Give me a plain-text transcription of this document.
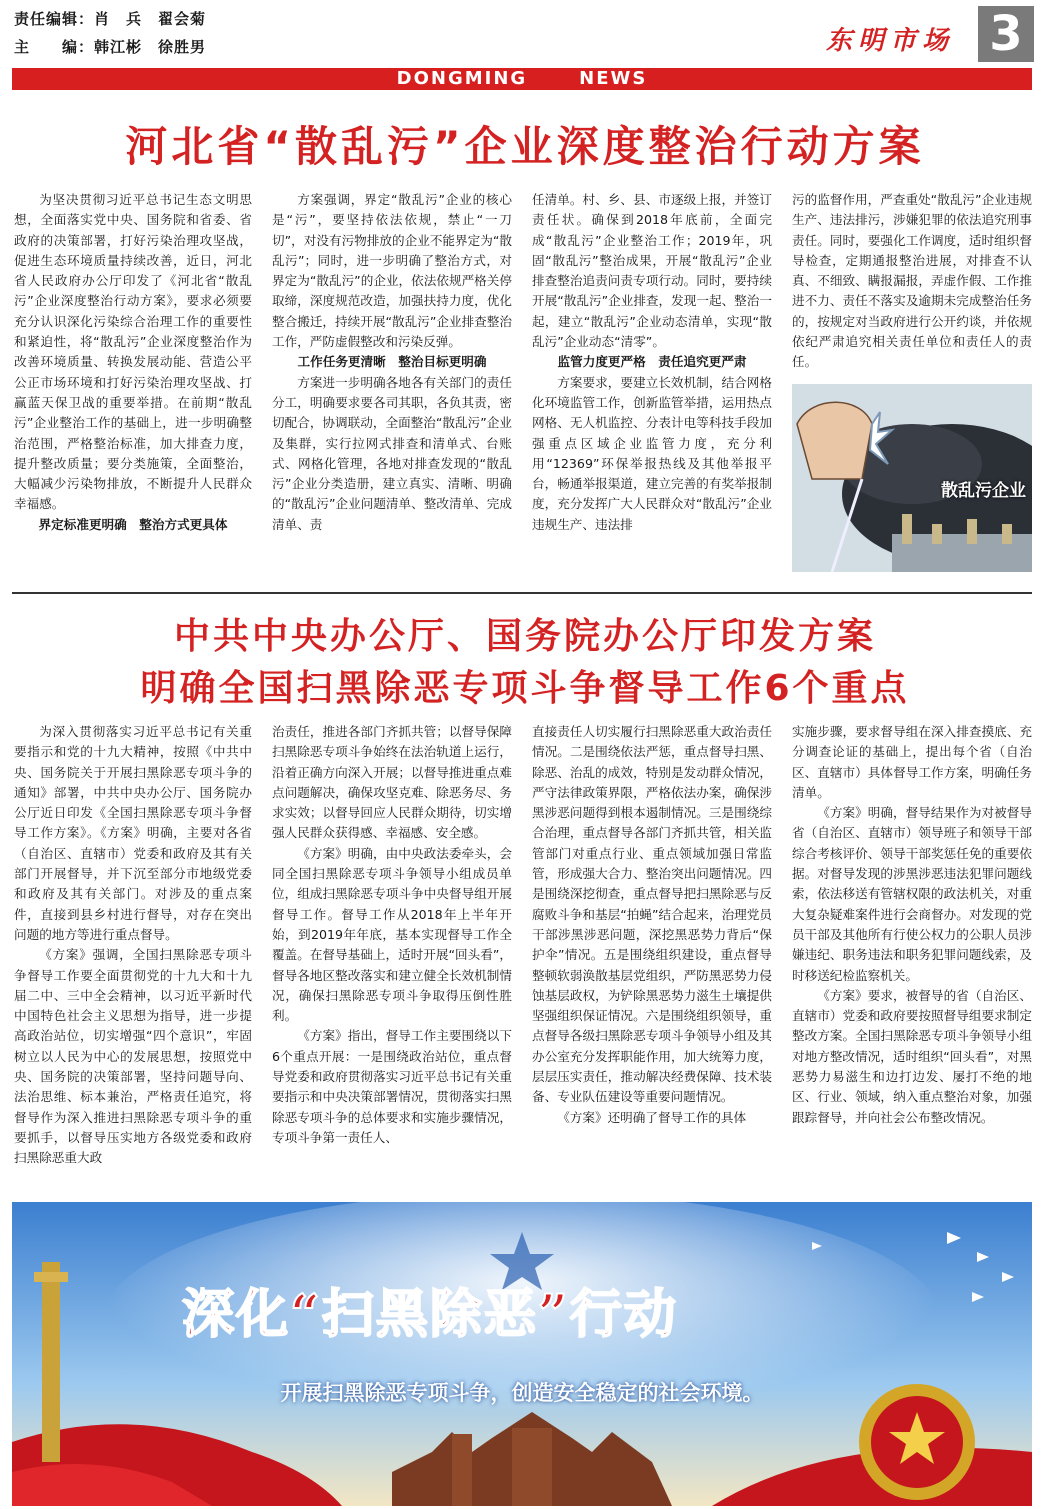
责任编辑：肖　兵　翟会菊
主　　编：韩江彬　徐胜男	东明市场 3
DONGMING	NEWS
河北省“散乱污”企业深度整治行动方案

为坚决贯彻习近平总书记生态文明思想，全面落实党中央、国务院和省委、省政府的决策部署，打好污染治理攻坚战，促进生态环境质量持续改善，近日，河北省人民政府办公厅印发了《河北省“散乱污”企业深度整治行动方案》，要求必须要充分认识深化污染综合治理工作的重要性和紧迫性，将“散乱污”企业深度整治作为改善环境质量、转换发展动能、营造公平公正市场环境和打好污染治理攻坚战、打赢蓝天保卫战的重要举措。在前期“散乱污”企业整治工作的基础上，进一步明确整治范围，严格整治标准，加大排查力度，提升整改质量；要分类施策，全面整治，大幅减少污染物排放，不断提升人民群众幸福感。

界定标准更明确　整治方式更具体

方案强调，界定“散乱污”企业的核心是“污”，要坚持依法依规，禁止“一刀切”，对没有污物排放的企业不能界定为“散乱污”；同时，进一步明确了整治方式，对界定为“散乱污”的企业，依法依规严格关停取缔，深度规范改造，加强扶持力度，优化整合搬迁，持续开展“散乱污”企业排查整治工作，严防虚假整改和污染反弹。

工作任务更清晰　整治目标更明确

方案进一步明确各地各有关部门的责任分工，明确要求要各司其职，各负其责，密切配合，协调联动，全面整治“散乱污”企业及集群，实行拉网式排查和清单式、台账式、网格化管理，各地对排查发现的“散乱污”企业分类造册，建立真实、清晰、明确的“散乱污”企业问题清单、整改清单、完成清单、责

任清单。村、乡、县、市逐级上报，并签订责任状。确保到2018年底前，全面完成“散乱污”企业整治工作；2019年，巩固“散乱污”整治成果，开展“散乱污”企业排查整治追责问责专项行动。同时，要持续开展“散乱污”企业排查，发现一起、整治一起，建立“散乱污”企业动态清单，实现“散乱污”企业动态“清零”。

监管力度更严格　责任追究更严肃

方案要求，要建立长效机制，结合网格化环境监管工作，创新监管举措，运用热点网格、无人机监控、分表计电等科技手段加强重点区域企业监管力度，充分利用“12369”环保举报热线及其他举报平台，畅通举报渠道，建立完善的有奖举报制度，充分发挥广大人民群众对“散乱污”企业违规生产、违法排

污的监督作用，严查重处“散乱污”企业违规生产、违法排污，涉嫌犯罪的依法追究刑事责任。同时，要强化工作调度，适时组织督导检查，定期通报整治进展，对排查不认真、不细致、瞒报漏报，弄虚作假、工作推进不力、责任不落实及逾期未完成整治任务的，按规定对当政府进行公开约谈，并依规依纪严肃追究相关责任单位和责任人的责任。

散乱污企业
中共中央办公厅、国务院办公厅印发方案
明确全国扫黑除恶专项斗争督导工作6个重点

为深入贯彻落实习近平总书记有关重要指示和党的十九大精神，按照《中共中央、国务院关于开展扫黑除恶专项斗争的通知》部署，中共中央办公厅、国务院办公厅近日印发《全国扫黑除恶专项斗争督导工作方案》。《方案》明确，主要对各省（自治区、直辖市）党委和政府及其有关部门开展督导，并下沉至部分市地级党委和政府及其有关部门。对涉及的重点案件，直接到县乡村进行督导，对存在突出问题的地方等进行重点督导。

《方案》强调，全国扫黑除恶专项斗争督导工作要全面贯彻党的十九大和十九届二中、三中全会精神，以习近平新时代中国特色社会主义思想为指导，进一步提高政治站位，切实增强“四个意识”，牢固树立以人民为中心的发展思想，按照党中央、国务院的决策部署，坚持问题导向、法治思维、标本兼治，严格责任追究，将督导作为深入推进扫黑除恶专项斗争的重要抓手，以督导压实地方各级党委和政府扫黑除恶重大政

治责任，推进各部门齐抓共管；以督导保障扫黑除恶专项斗争始终在法治轨道上运行，沿着正确方向深入开展；以督导推进重点难点问题解决，确保攻坚克难、除恶务尽、务求实效；以督导回应人民群众期待，切实增强人民群众获得感、幸福感、安全感。

《方案》明确，由中央政法委牵头，会同全国扫黑除恶专项斗争领导小组成员单位，组成扫黑除恶专项斗争中央督导组开展督导工作。督导工作从2018年上半年开始，到2019年年底，基本实现督导工作全覆盖。在督导基础上，适时开展“回头看”，督导各地区整改落实和建立健全长效机制情况，确保扫黑除恶专项斗争取得压倒性胜利。

《方案》指出，督导工作主要围绕以下6个重点开展：一是围绕政治站位，重点督导党委和政府贯彻落实习近平总书记有关重要指示和中央决策部署情况，贯彻落实扫黑除恶专项斗争的总体要求和实施步骤情况，专项斗争第一责任人、

直接责任人切实履行扫黑除恶重大政治责任情况。二是围绕依法严惩，重点督导扫黑、除恶、治乱的成效，特别是发动群众情况，严守法律政策界限，严格依法办案，确保涉黑涉恶问题得到根本遏制情况。三是围绕综合治理，重点督导各部门齐抓共管，相关监管部门对重点行业、重点领域加强日常监管，形成强大合力、整治突出问题情况。四是围绕深挖彻查，重点督导把扫黑除恶与反腐败斗争和基层“拍蝇”结合起来，治理党员干部涉黑涉恶问题，深挖黑恶势力背后“保护伞”情况。五是围绕组织建设，重点督导整顿软弱涣散基层党组织，严防黑恶势力侵蚀基层政权，为铲除黑恶势力滋生土壤提供坚强组织保证情况。六是围绕组织领导，重点督导各级扫黑除恶专项斗争领导小组及其办公室充分发挥职能作用，加大统筹力度，层层压实责任，推动解决经费保障、技术装备、专业队伍建设等重要问题情况。

《方案》还明确了督导工作的具体

实施步骤，要求督导组在深入排查摸底、充分调查论证的基础上，提出每个省（自治区、直辖市）具体督导工作方案，明确任务清单。

《方案》明确，督导结果作为对被督导省（自治区、直辖市）领导班子和领导干部综合考核评价、领导干部奖惩任免的重要依据。对督导发现的涉黑涉恶违法犯罪问题线索，依法移送有管辖权限的政法机关，对重大复杂疑难案件进行会商督办。对发现的党员干部及其他所有行使公权力的公职人员涉嫌违纪、职务违法和职务犯罪问题线索，及时移送纪检监察机关。

《方案》要求，被督导的省（自治区、直辖市）党委和政府要按照督导组要求制定整改方案。全国扫黑除恶专项斗争领导小组对地方整改情况，适时组织“回头看”，对黑恶势力易滋生和边打边发、屡打不绝的地区、行业、领域，纳入重点整治对象，加强跟踪督导，并向社会公布整改情况。

深化“扫黑除恶”行动
开展扫黑除恶专项斗争，创造安全稳定的社会环境。
